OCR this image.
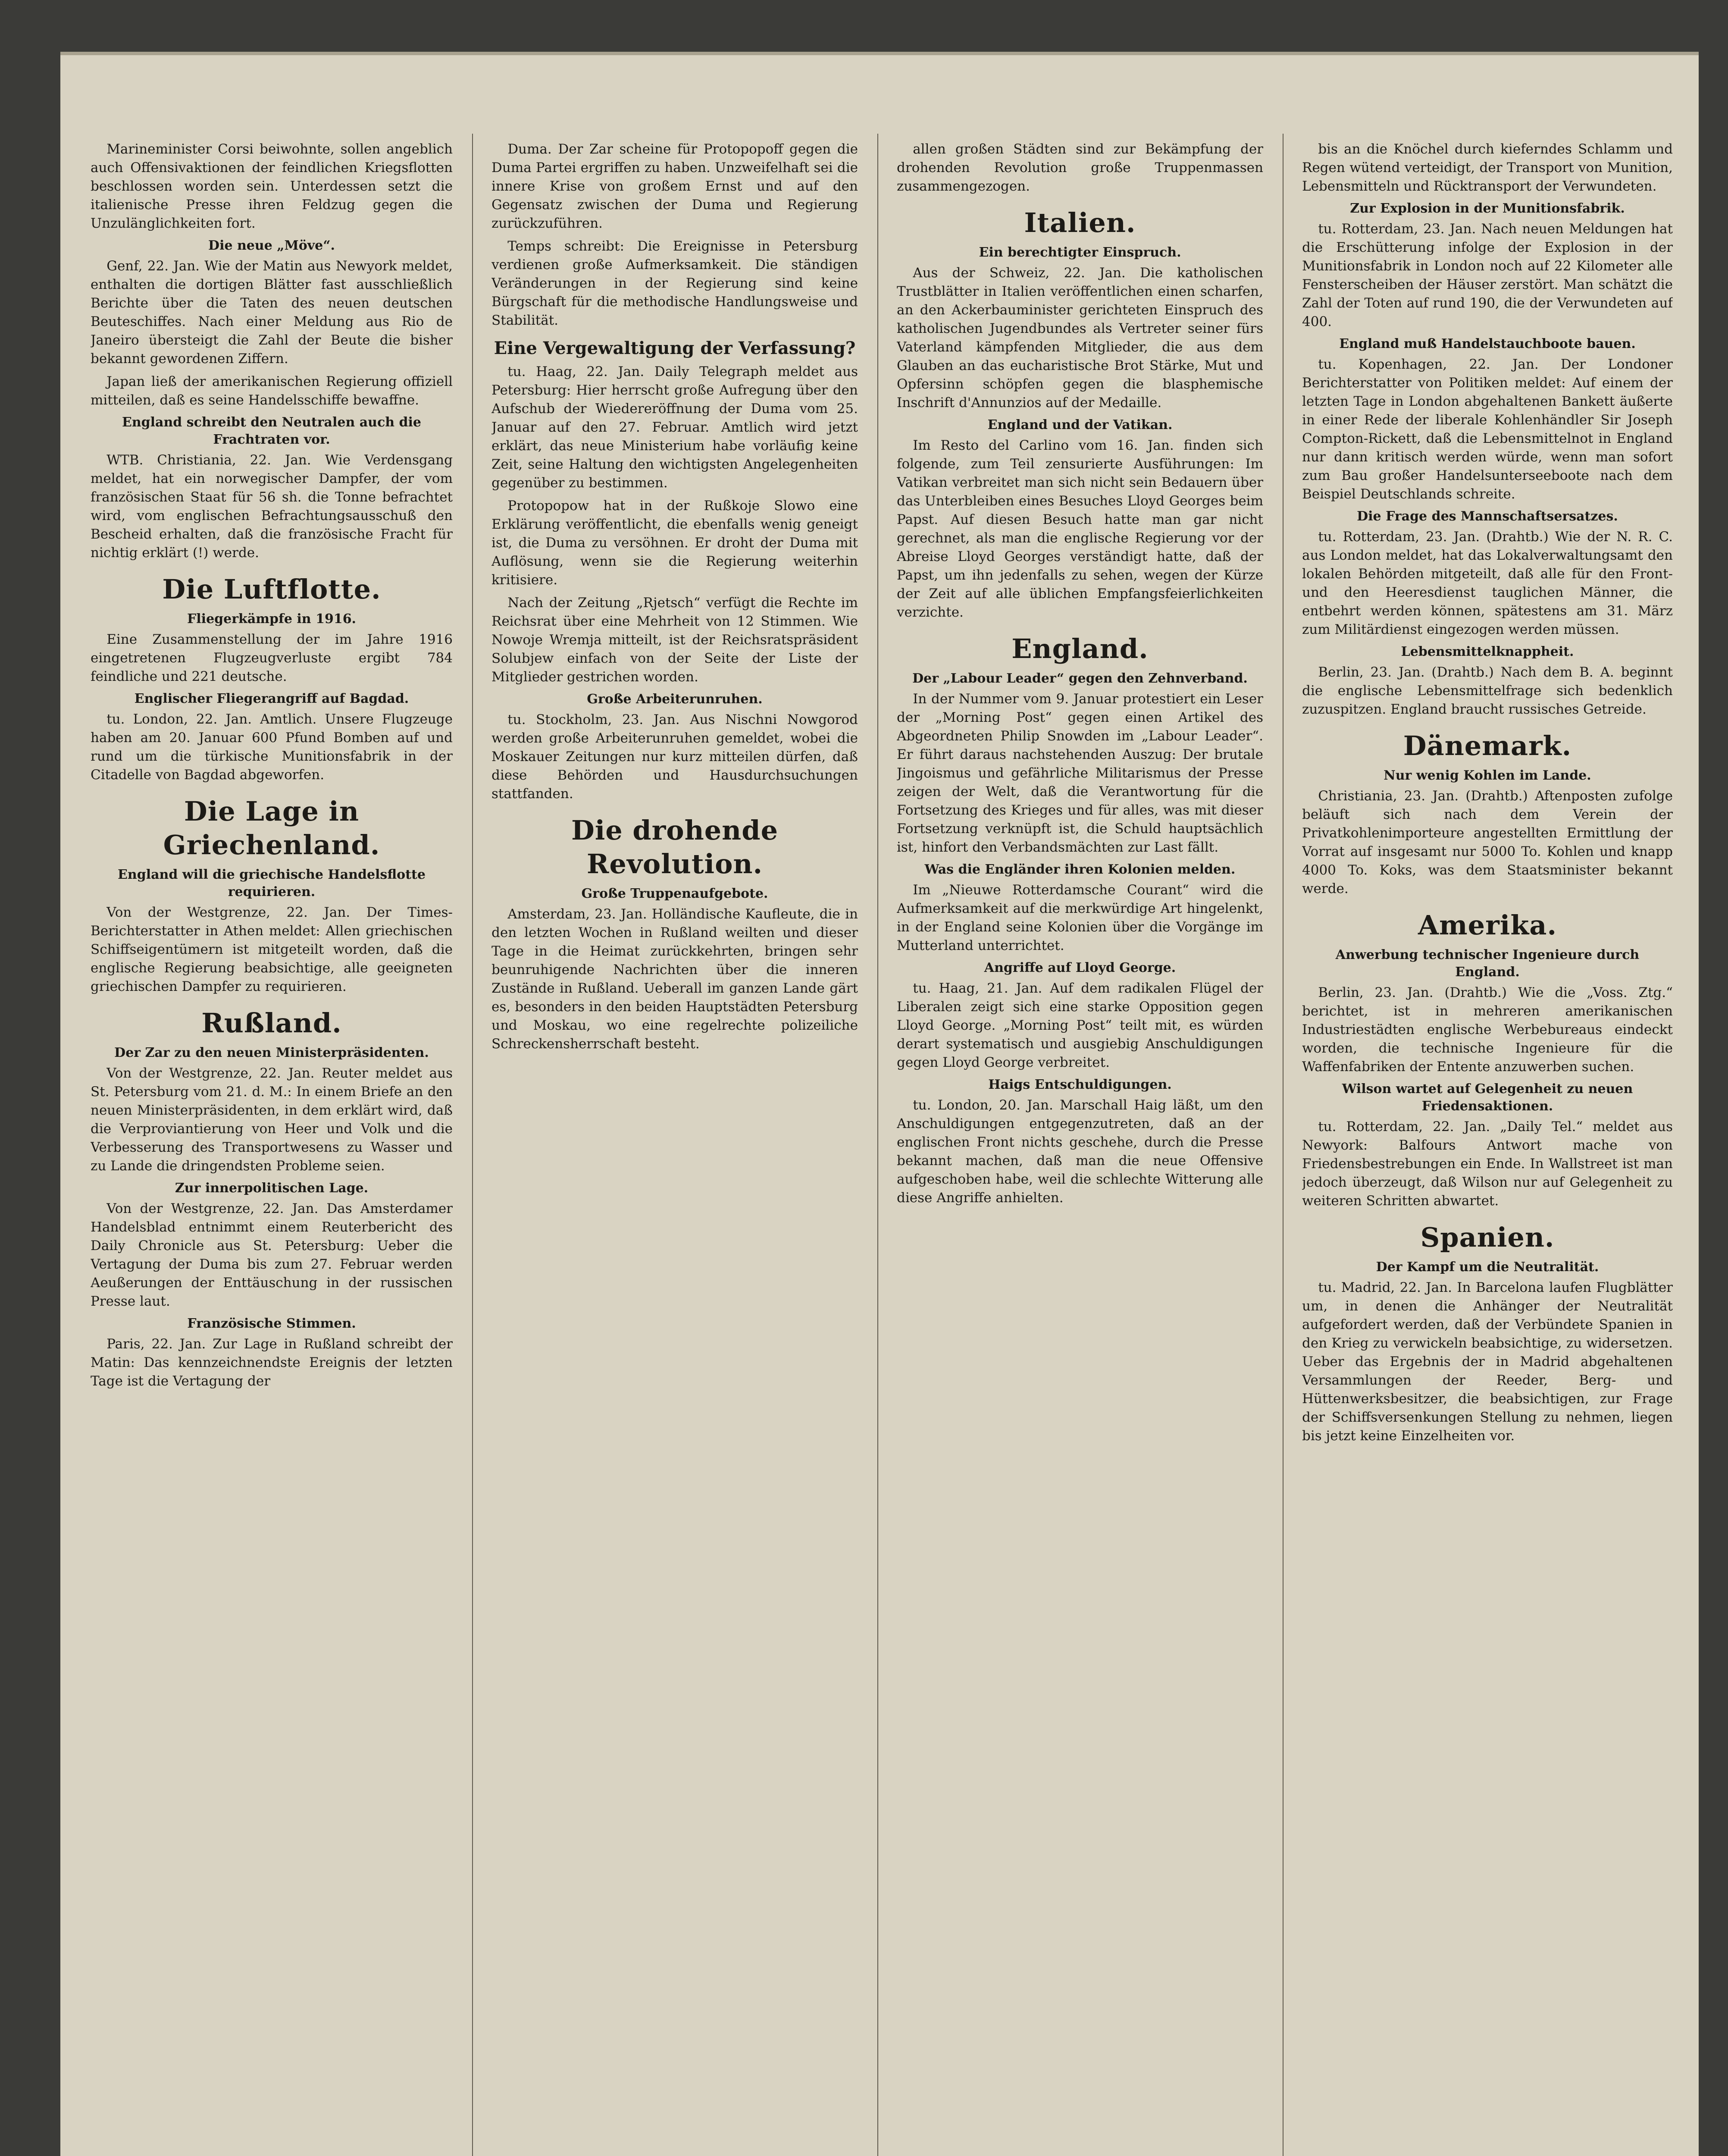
Marineminister Corsi beiwohnte, sollen angeblich auch Offensivaktionen der feindlichen Kriegsflotten beschlossen worden sein. Unterdessen setzt die italienische Presse ihren Feldzug gegen die Unzulänglichkeiten fort.

Die neue „Möve“.

Genf, 22. Jan. Wie der Matin aus Newyork meldet, enthalten die dortigen Blätter fast ausschließlich Berichte über die Taten des neuen deutschen Beuteschiffes. Nach einer Meldung aus Rio de Janeiro übersteigt die Zahl der Beute die bisher bekannt gewordenen Ziffern.

Japan ließ der amerikanischen Regierung offiziell mitteilen, daß es seine Handelsschiffe bewaffne.

England schreibt den Neutralen auch die Frachtraten vor.

WTB. Christiania, 22. Jan. Wie Verdensgang meldet, hat ein norwegischer Dampfer, der vom französischen Staat für 56 sh. die Tonne befrachtet wird, vom englischen Befrachtungsausschuß den Bescheid erhalten, daß die französische Fracht für nichtig erklärt (!) werde.

Die Luftflotte.
Fliegerkämpfe in 1916.

Eine Zusammenstellung der im Jahre 1916 eingetretenen Flugzeugverluste ergibt 784 feindliche und 221 deutsche.

Englischer Fliegerangriff auf Bagdad.

tu. London, 22. Jan. Amtlich. Unsere Flugzeuge haben am 20. Januar 600 Pfund Bomben auf und rund um die türkische Munitionsfabrik in der Citadelle von Bagdad abgeworfen.

Die Lage in Griechenland.
England will die griechische Handelsflotte requirieren.

Von der Westgrenze, 22. Jan. Der Times-Berichterstatter in Athen meldet: Allen griechischen Schiffseigentümern ist mitgeteilt worden, daß die englische Regierung beabsichtige, alle geeigneten griechischen Dampfer zu requirieren.

Rußland.
Der Zar zu den neuen Ministerpräsidenten.

Von der Westgrenze, 22. Jan. Reuter meldet aus St. Petersburg vom 21. d. M.: In einem Briefe an den neuen Ministerpräsidenten, in dem erklärt wird, daß die Verproviantierung von Heer und Volk und die Verbesserung des Transportwesens zu Wasser und zu Lande die dringendsten Probleme seien.

Zur innerpolitischen Lage.

Von der Westgrenze, 22. Jan. Das Amsterdamer Handelsblad entnimmt einem Reuterbericht des Daily Chronicle aus St. Petersburg: Ueber die Vertagung der Duma bis zum 27. Februar werden Aeußerungen der Enttäuschung in der russischen Presse laut.

Französische Stimmen.

Paris, 22. Jan. Zur Lage in Rußland schreibt der Matin: Das kennzeichnendste Ereignis der letzten Tage ist die Vertagung der

Duma. Der Zar scheine für Protopopoff gegen die Duma Partei ergriffen zu haben. Unzweifelhaft sei die innere Krise von großem Ernst und auf den Gegensatz zwischen der Duma und Regierung zurückzuführen.

Temps schreibt: Die Ereignisse in Petersburg verdienen große Aufmerksamkeit. Die ständigen Veränderungen in der Regierung sind keine Bürgschaft für die methodische Handlungsweise und Stabilität.

Eine Vergewaltigung der Verfassung?

tu. Haag, 22. Jan. Daily Telegraph meldet aus Petersburg: Hier herrscht große Aufregung über den Aufschub der Wiedereröffnung der Duma vom 25. Januar auf den 27. Februar. Amtlich wird jetzt erklärt, das neue Ministerium habe vorläufig keine Zeit, seine Haltung den wichtigsten Angelegenheiten gegenüber zu bestimmen.

Protopopow hat in der Rußkoje Slowo eine Erklärung veröffentlicht, die ebenfalls wenig geneigt ist, die Duma zu versöhnen. Er droht der Duma mit Auflösung, wenn sie die Regierung weiterhin kritisiere.

Nach der Zeitung „Rjetsch“ verfügt die Rechte im Reichsrat über eine Mehrheit von 12 Stimmen. Wie Nowoje Wremja mitteilt, ist der Reichsratspräsident Solubjew einfach von der Seite der Liste der Mitglieder gestrichen worden.

Große Arbeiterunruhen.

tu. Stockholm, 23. Jan. Aus Nischni Nowgorod werden große Arbeiterunruhen gemeldet, wobei die Moskauer Zeitungen nur kurz mitteilen dürfen, daß diese Behörden und Hausdurchsuchungen stattfanden.

Die drohende Revolution.
Große Truppenaufgebote.

Amsterdam, 23. Jan. Holländische Kaufleute, die in den letzten Wochen in Rußland weilten und dieser Tage in die Heimat zurückkehrten, bringen sehr beunruhigende Nachrichten über die inneren Zustände in Rußland. Ueberall im ganzen Lande gärt es, besonders in den beiden Hauptstädten Petersburg und Moskau, wo eine regelrechte polizeiliche Schreckensherrschaft besteht.

allen großen Städten sind zur Bekämpfung der drohenden Revolution große Truppenmassen zusammengezogen.

Italien.
Ein berechtigter Einspruch.

Aus der Schweiz, 22. Jan. Die katholischen Trustblätter in Italien veröffentlichen einen scharfen, an den Ackerbauminister gerichteten Einspruch des katholischen Jugendbundes als Vertreter seiner fürs Vaterland kämpfenden Mitglieder, die aus dem Glauben an das eucharistische Brot Stärke, Mut und Opfersinn schöpfen gegen die blasphemische Inschrift d'Annunzios auf der Medaille.

England und der Vatikan.

Im Resto del Carlino vom 16. Jan. finden sich folgende, zum Teil zensurierte Ausführungen: Im Vatikan verbreitet man sich nicht sein Bedauern über das Unterbleiben eines Besuches Lloyd Georges beim Papst. Auf diesen Besuch hatte man gar nicht gerechnet, als man die englische Regierung vor der Abreise Lloyd Georges verständigt hatte, daß der Papst, um ihn jedenfalls zu sehen, wegen der Kürze der Zeit auf alle üblichen Empfangsfeierlichkeiten verzichte.

England.
Der „Labour Leader“ gegen den Zehnverband.

In der Nummer vom 9. Januar protestiert ein Leser der „Morning Post“ gegen einen Artikel des Abgeordneten Philip Snowden im „Labour Leader“. Er führt daraus nachstehenden Auszug: Der brutale Jingoismus und gefährliche Militarismus der Presse zeigen der Welt, daß die Verantwortung für die Fortsetzung des Krieges und für alles, was mit dieser Fortsetzung verknüpft ist, die Schuld hauptsächlich ist, hinfort den Verbandsmächten zur Last fällt.

Was die Engländer ihren Kolonien melden.

Im „Nieuwe Rotterdamsche Courant“ wird die Aufmerksamkeit auf die merkwürdige Art hingelenkt, in der England seine Kolonien über die Vorgänge im Mutterland unterrichtet.

Angriffe auf Lloyd George.

tu. Haag, 21. Jan. Auf dem radikalen Flügel der Liberalen zeigt sich eine starke Opposition gegen Lloyd George. „Morning Post“ teilt mit, es würden derart systematisch und ausgiebig Anschuldigungen gegen Lloyd George verbreitet.

Haigs Entschuldigungen.

tu. London, 20. Jan. Marschall Haig läßt, um den Anschuldigungen entgegenzutreten, daß an der englischen Front nichts geschehe, durch die Presse bekannt machen, daß man die neue Offensive aufgeschoben habe, weil die schlechte Witterung alle diese Angriffe anhielten.

bis an die Knöchel durch kieferndes Schlamm und Regen wütend verteidigt, der Transport von Munition, Lebensmitteln und Rücktransport der Verwundeten.

Zur Explosion in der Munitionsfabrik.

tu. Rotterdam, 23. Jan. Nach neuen Meldungen hat die Erschütterung infolge der Explosion in der Munitionsfabrik in London noch auf 22 Kilometer alle Fensterscheiben der Häuser zerstört. Man schätzt die Zahl der Toten auf rund 190, die der Verwundeten auf 400.

England muß Handelstauchboote bauen.

tu. Kopenhagen, 22. Jan. Der Londoner Berichterstatter von Politiken meldet: Auf einem der letzten Tage in London abgehaltenen Bankett äußerte in einer Rede der liberale Kohlenhändler Sir Joseph Compton-Rickett, daß die Lebensmittelnot in England nur dann kritisch werden würde, wenn man sofort zum Bau großer Handelsunterseeboote nach dem Beispiel Deutschlands schreite.

Die Frage des Mannschaftsersatzes.

tu. Rotterdam, 23. Jan. (Drahtb.) Wie der N. R. C. aus London meldet, hat das Lokalverwaltungsamt den lokalen Behörden mitgeteilt, daß alle für den Front- und den Heeresdienst tauglichen Männer, die entbehrt werden können, spätestens am 31. März zum Militärdienst eingezogen werden müssen.

Lebensmittelknappheit.

Berlin, 23. Jan. (Drahtb.) Nach dem B. A. beginnt die englische Lebensmittelfrage sich bedenklich zuzuspitzen. England braucht russisches Getreide.

Dänemark.
Nur wenig Kohlen im Lande.

Christiania, 23. Jan. (Drahtb.) Aftenposten zufolge beläuft sich nach dem Verein der Privatkohlenimporteure angestellten Ermittlung der Vorrat auf insgesamt nur 5000 To. Kohlen und knapp 4000 To. Koks, was dem Staatsminister bekannt werde.

Amerika.
Anwerbung technischer Ingenieure durch England.

Berlin, 23. Jan. (Drahtb.) Wie die „Voss. Ztg.“ berichtet, ist in mehreren amerikanischen Industriestädten englische Werbebureaus eindeckt worden, die technische Ingenieure für die Waffenfabriken der Entente anzuwerben suchen.

Wilson wartet auf Gelegenheit zu neuen Friedensaktionen.

tu. Rotterdam, 22. Jan. „Daily Tel.“ meldet aus Newyork: Balfours Antwort mache von Friedensbestrebungen ein Ende. In Wallstreet ist man jedoch überzeugt, daß Wilson nur auf Gelegenheit zu weiteren Schritten abwartet.

Spanien.
Der Kampf um die Neutralität.

tu. Madrid, 22. Jan. In Barcelona laufen Flugblätter um, in denen die Anhänger der Neutralität aufgefordert werden, daß der Verbündete Spanien in den Krieg zu verwickeln beabsichtige, zu widersetzen. Ueber das Ergebnis der in Madrid abgehaltenen Versammlungen der Reeder, Berg- und Hüttenwerksbesitzer, die beabsichtigen, zur Frage der Schiffsversenkungen Stellung zu nehmen, liegen bis jetzt keine Einzelheiten vor.
